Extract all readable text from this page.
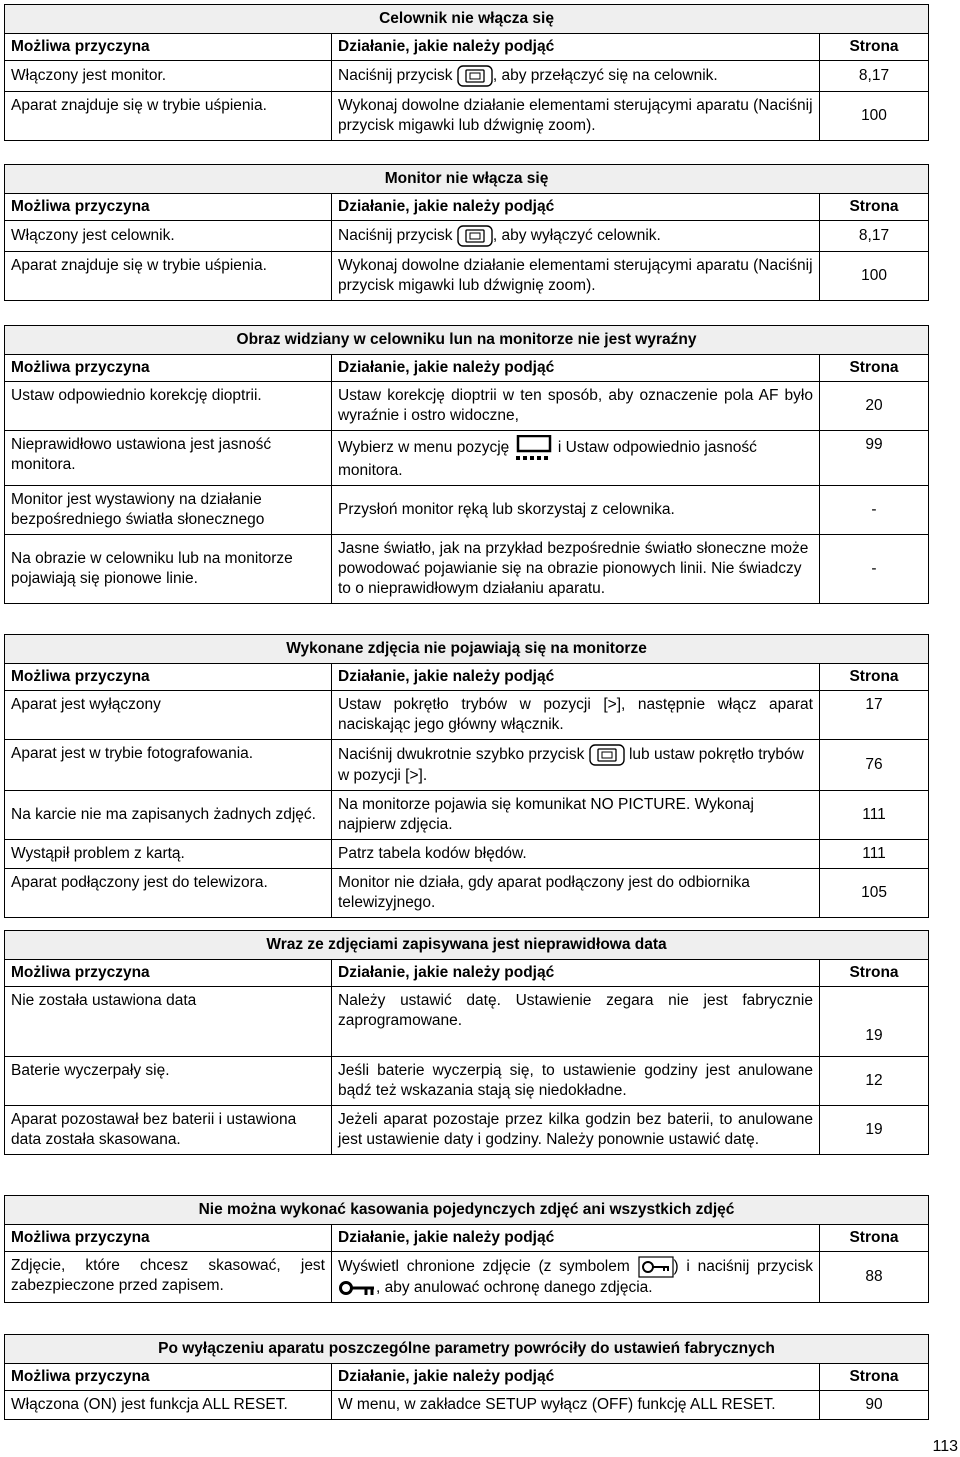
Celownik nie włącza się		
Możliwa przyczyna	Działanie, jakie należy podjąć	Strona
Włączony jest monitor.	Naciśnij przycisk , aby przełączyć się na celownik.	8,17
Aparat znajduje się w trybie uśpienia.	Wykonaj dowolne działanie elementami sterującymi aparatu (Naciśnij przycisk migawki lub dźwignię zoom).	100
Monitor nie włącza się		
Możliwa przyczyna	Działanie, jakie należy podjąć	Strona
Włączony jest celownik.	Naciśnij przycisk , aby wyłączyć celownik.	8,17
Aparat znajduje się w trybie uśpienia.	Wykonaj dowolne działanie elementami sterującymi aparatu (Naciśnij przycisk migawki lub dźwignię zoom).	100
Obraz widziany w celowniku lun na monitorze nie jest wyraźny		
Możliwa przyczyna	Działanie, jakie należy podjąć	Strona
Ustaw odpowiednio korekcję dioptrii.	Ustaw korekcję dioptrii w ten sposób, aby oznaczenie pola AF było wyraźnie i ostro widoczne,	20
Nieprawidłowo ustawiona jest jasność monitora.	Wybierz w menu pozycję i Ustaw odpowiednio jasność monitora.	99
Monitor jest wystawiony na działanie bezpośredniego światła słonecznego	Przysłoń monitor ręką lub skorzystaj z celownika.	-
Na obrazie w celowniku lub na monitorze pojawiają się pionowe linie.	Jasne światło, jak na przykład bezpośrednie światło słoneczne może powodować pojawianie się na obrazie pionowych linii. Nie świadczy to o nieprawidłowym działaniu aparatu.	-
Wykonane zdjęcia nie pojawiają się na monitorze		
Możliwa przyczyna	Działanie, jakie należy podjąć	Strona
Aparat jest wyłączony	Ustaw pokrętło trybów w pozycji [>], następnie włącz aparat naciskając jego główny włącznik.	17
Aparat jest w trybie fotografowania.	Naciśnij dwukrotnie szybko przycisk  lub ustaw pokrętło trybów w pozycji [>].	76
Na karcie nie ma zapisanych żadnych zdjęć.	Na monitorze pojawia się komunikat NO PICTURE. Wykonaj najpierw zdjęcia.	111
Wystąpił problem z kartą.	Patrz tabela kodów błędów.	111
Aparat podłączony jest do telewizora.	Monitor nie działa, gdy aparat podłączony jest do odbiornika telewizyjnego.	105
Wraz ze zdjęciami zapisywana jest nieprawidłowa data		
Możliwa przyczyna	Działanie, jakie należy podjąć	Strona
Nie została ustawiona data	Należy ustawić datę. Ustawienie zegara nie jest fabrycznie zaprogramowane.	19
Baterie wyczerpały się.	Jeśli baterie wyczerpią się, to ustawienie godziny jest anulowane bądź też wskazania stają się niedokładne.	12
Aparat pozostawał bez baterii i ustawiona data została skasowana.	Jeżeli aparat pozostaje przez kilka godzin bez baterii, to anulowane jest ustawienie daty i godziny. Należy ponownie ustawić datę.	19
Nie można wykonać kasowania pojedynczych zdjęć ani wszystkich zdjęć		
Możliwa przyczyna	Działanie, jakie należy podjąć	Strona
Zdjęcie, które chcesz skasować, jest zabezpieczone przed zapisem.	Wyświetl chronione zdjęcie (z symbolem ) i naciśnij przycisk , aby anulować ochronę danego zdjęcia.	88
Po wyłączeniu aparatu poszczególne parametry powróciły do ustawień fabrycznych		
Możliwa przyczyna	Działanie, jakie należy podjąć	Strona
Włączona (ON) jest funkcja ALL RESET.	W menu, w zakładce SETUP wyłącz (OFF) funkcję ALL RESET.	90
113
